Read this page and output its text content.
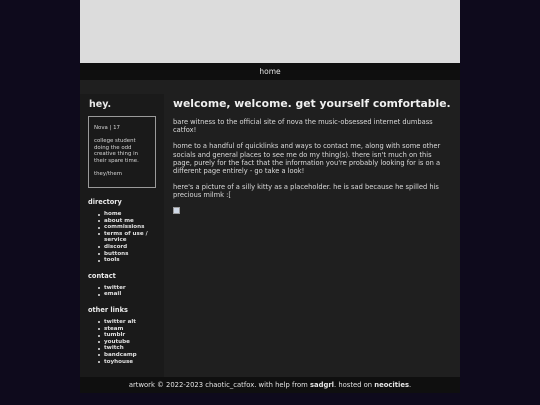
home
hey.
Nova | 17
college student doing the odd creative thing in their spare time.
they/them
directory
home
about me
commissions
terms of use / service
discord
buttons
tools
contact
twitter
email
other links
twitter alt
steam
tumblr
youtube
twitch
bandcamp
toyhouse
welcome, welcome. get yourself comfortable.

bare witness to the official site of nova the music-obsessed internet dumbass catfox!

home to a handful of quicklinks and ways to contact me, along with some other socials and general places to see me do my thing(s). there isn't much on this page, purely for the fact that the information you're probably looking for is on a different page entirely - go take a look!

here's a picture of a silly kitty as a placeholder. he is sad because he spilled his precious milmk :[

artwork © 2022-2023 chaotic_catfox. with help from sadgrl. hosted on neocities.
